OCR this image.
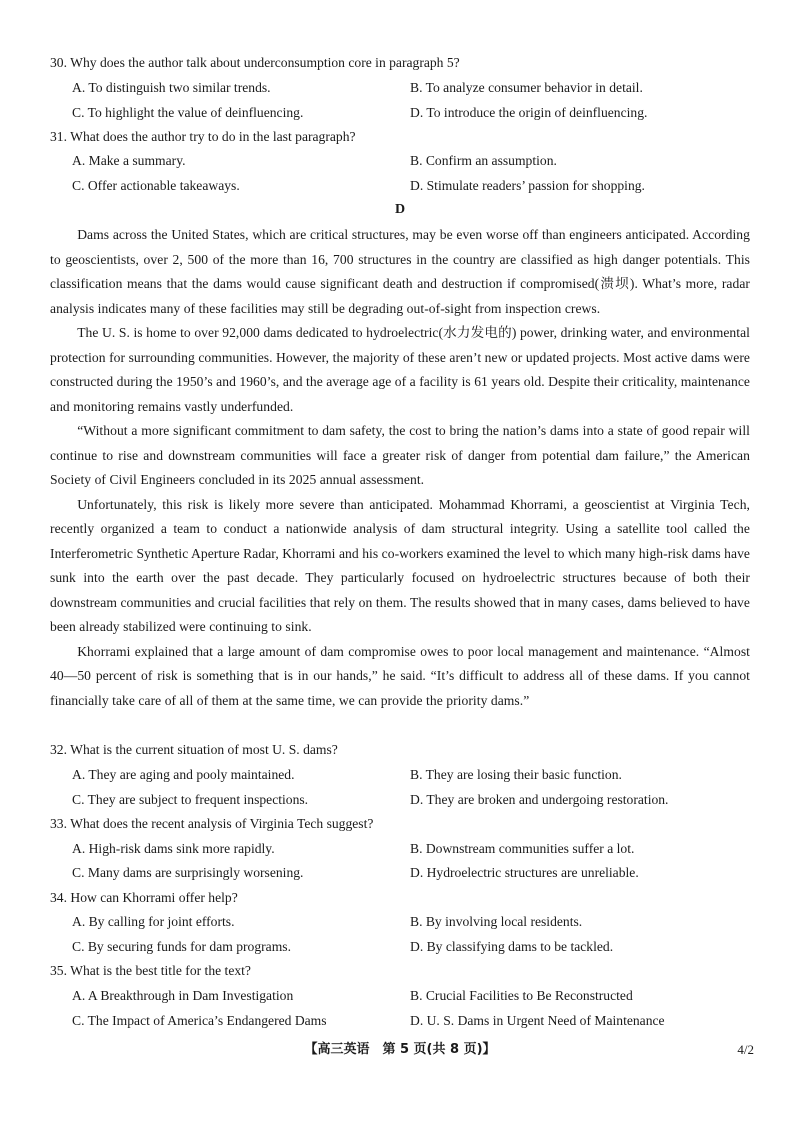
30. Why does the author talk about underconsumption core in paragraph 5?
A. To distinguish two similar trends.	B. To analyze consumer behavior in detail.
C. To highlight the value of deinfluencing.	D. To introduce the origin of deinfluencing.
31. What does the author try to do in the last paragraph?
A. Make a summary.	B. Confirm an assumption.
C. Offer actionable takeaways.	D. Stimulate readers’ passion for shopping.
D

Dams across the United States, which are critical structures, may be even worse off than engineers anticipated. According to geoscientists, over 2, 500 of the more than 16, 700 structures in the country are classified as high danger potentials. This classification means that the dams would cause significant death and destruction if compromised(溃坝). What’s more, radar analysis indicates many of these facilities may still be degrading out-of-sight from inspection crews.

The U. S. is home to over 92,000 dams dedicated to hydroelectric(水力发电的) power, drinking water, and environmental protection for surrounding communities. However, the majority of these aren’t new or updated projects. Most active dams were constructed during the 1950’s and 1960’s, and the average age of a facility is 61 years old. Despite their criticality, maintenance and monitoring remains vastly underfunded.

“Without a more significant commitment to dam safety, the cost to bring the nation’s dams into a state of good repair will continue to rise and downstream communities will face a greater risk of danger from potential dam failure,” the American Society of Civil Engineers concluded in its 2025 annual assessment.

Unfortunately, this risk is likely more severe than anticipated. Mohammad Khorrami, a geoscientist at Virginia Tech, recently organized a team to conduct a nationwide analysis of dam structural integrity. Using a satellite tool called the Interferometric Synthetic Aperture Radar, Khorrami and his co-workers examined the level to which many high-risk dams have sunk into the earth over the past decade. They particularly focused on hydroelectric structures because of both their downstream communities and crucial facilities that rely on them. The results showed that in many cases, dams believed to have been already stabilized were continuing to sink.

Khorrami explained that a large amount of dam compromise owes to poor local management and maintenance. “Almost 40—50 percent of risk is something that is in our hands,” he said. “It’s difficult to address all of these dams. If you cannot financially take care of all of them at the same time, we can provide the priority dams.”

32. What is the current situation of most U. S. dams?
A. They are aging and pooly maintained.	B. They are losing their basic function.
C. They are subject to frequent inspections.	D. They are broken and undergoing restoration.
33. What does the recent analysis of Virginia Tech suggest?
A. High-risk dams sink more rapidly.	B. Downstream communities suffer a lot.
C. Many dams are surprisingly worsening.	D. Hydroelectric structures are unreliable.
34. How can Khorrami offer help?
A. By calling for joint efforts.	B. By involving local residents.
C. By securing funds for dam programs.	D. By classifying dams to be tackled.
35. What is the best title for the text?
A. A Breakthrough in Dam Investigation	B. Crucial Facilities to Be Reconstructed
C. The Impact of America’s Endangered Dams	D. U. S. Dams in Urgent Need of Maintenance
【高三英语　第 5 页(共 8 页)】	4/2
